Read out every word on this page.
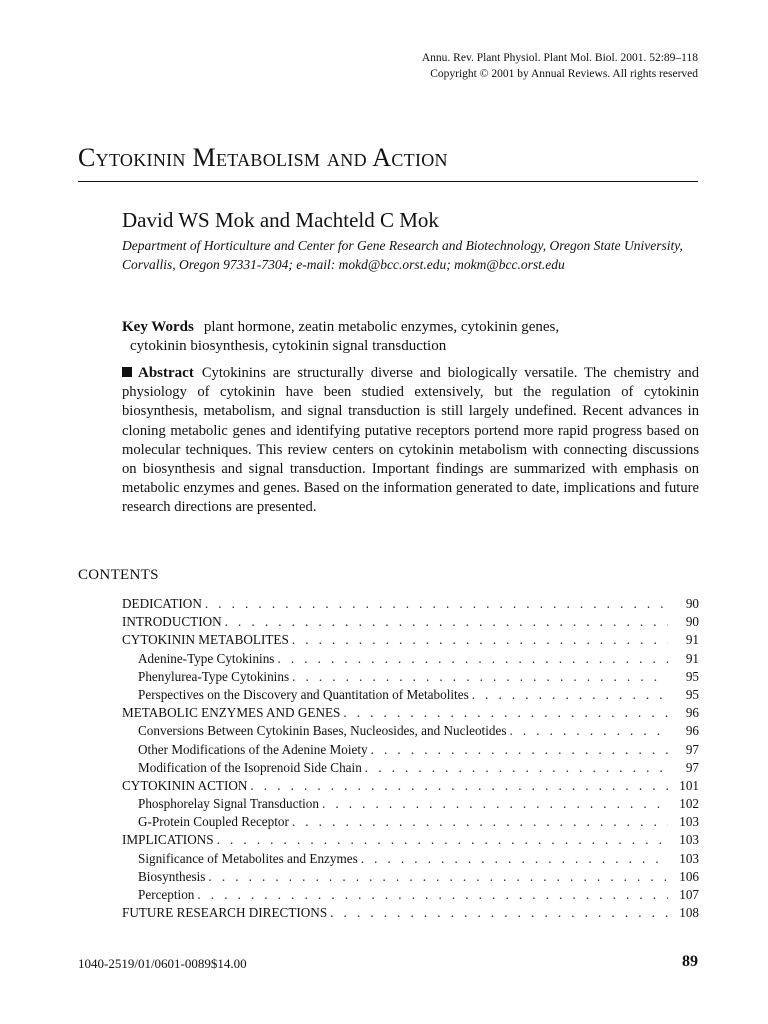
Annu. Rev. Plant Physiol. Plant Mol. Biol. 2001. 52:89–118
Copyright © 2001 by Annual Reviews. All rights reserved
Cytokinin Metabolism and Action
David WS Mok and Machteld C Mok
Department of Horticulture and Center for Gene Research and Biotechnology, Oregon State University, Corvallis, Oregon 97331-7304; e-mail: mokd@bcc.orst.edu; mokm@bcc.orst.edu
Key Words plant hormone, zeatin metabolic enzymes, cytokinin genes,
cytokinin biosynthesis, cytokinin signal transduction
Abstract Cytokinins are structurally diverse and biologically versatile. The chemistry and physiology of cytokinin have been studied extensively, but the regulation of cytokinin biosynthesis, metabolism, and signal transduction is still largely undefined. Recent advances in cloning metabolic genes and identifying putative receptors portend more rapid progress based on molecular techniques. This review centers on cytokinin metabolism with connecting discussions on biosynthesis and signal transduction. Important findings are summarized with emphasis on metabolic enzymes and genes. Based on the information generated to date, implications and future research directions are presented.
CONTENTS
DEDICATION . . .	90
INTRODUCTION . . .	90
CYTOKININ METABOLITES . . .	91
Adenine-Type Cytokinins . . .	91
Phenylurea-Type Cytokinins . . .	95
Perspectives on the Discovery and Quantitation of Metabolites . . .	95
METABOLIC ENZYMES AND GENES . . .	96
Conversions Between Cytokinin Bases, Nucleosides, and Nucleotides . . .	96
Other Modifications of the Adenine Moiety . . .	97
Modification of the Isoprenoid Side Chain . . .	97
CYTOKININ ACTION . . .	101
Phosphorelay Signal Transduction . . .	102
G-Protein Coupled Receptor . . .	103
IMPLICATIONS . . .	103
Significance of Metabolites and Enzymes . . .	103
Biosynthesis . . .	106
Perception . . .	107
FUTURE RESEARCH DIRECTIONS . . .	108
1040-2519/01/0601-0089$14.00	89
